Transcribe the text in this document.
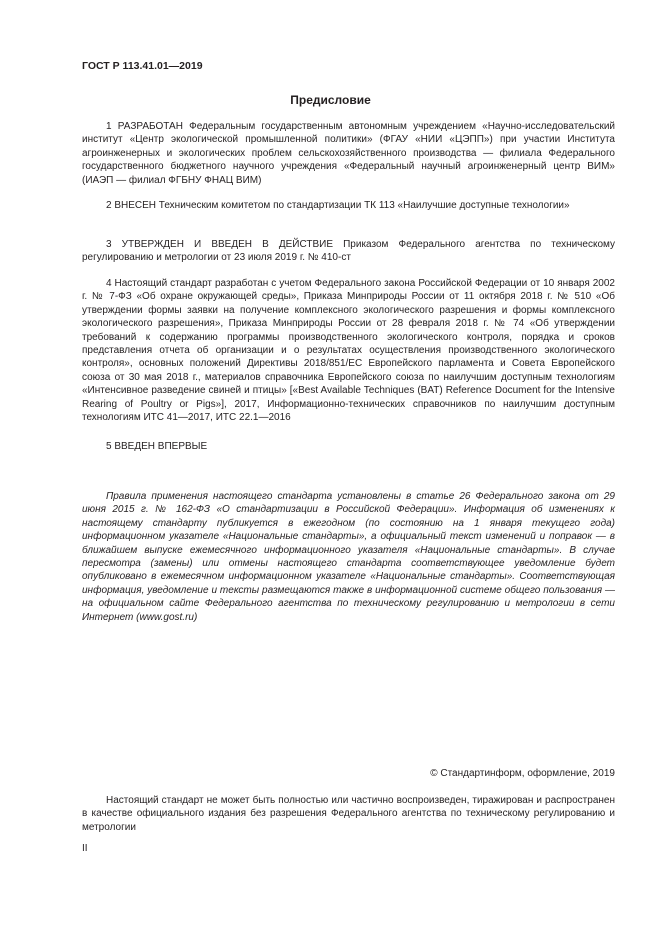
ГОСТ Р 113.41.01—2019
Предисловие
1 РАЗРАБОТАН Федеральным государственным автономным учреждением «Научно-исследовательский институт «Центр экологической промышленной политики» (ФГАУ «НИИ «ЦЭПП») при участии Института агроинженерных и экологических проблем сельскохозяйственного производства — филиала Федерального государственного бюджетного научного учреждения «Федеральный научный агроинженерный центр ВИМ» (ИАЭП — филиал ФГБНУ ФНАЦ ВИМ)
2 ВНЕСЕН Техническим комитетом по стандартизации ТК 113 «Наилучшие доступные технологии»
3 УТВЕРЖДЕН И ВВЕДЕН В ДЕЙСТВИЕ Приказом Федерального агентства по техническому регулированию и метрологии от 23 июля 2019 г. № 410-ст
4 Настоящий стандарт разработан с учетом Федерального закона Российской Федерации от 10 января 2002 г. № 7-ФЗ «Об охране окружающей среды», Приказа Минприроды России от 11 октября 2018 г. № 510 «Об утверждении формы заявки на получение комплексного экологического разрешения и формы комплексного экологического разрешения», Приказа Минприроды России от 28 февраля 2018 г. № 74 «Об утверждении требований к содержанию программы производственного экологического контроля, порядка и сроков представления отчета об организации и о результатах осуществления производственного экологического контроля», основных положений Директивы 2018/851/ЕС Европейского парламента и Совета Европейского союза от 30 мая 2018 г., материалов справочника Европейского союза по наилучшим доступным технологиям «Интенсивное разведение свиней и птицы» [«Best Available Techniques (BAT) Reference Document for the Intensive Rearing of Poultry or Pigs»], 2017, Информационно-технических справочников по наилучшим доступным технологиям ИТС 41—2017, ИТС 22.1—2016
5 ВВЕДЕН ВПЕРВЫЕ
Правила применения настоящего стандарта установлены в статье 26 Федерального закона от 29 июня 2015 г. № 162-ФЗ «О стандартизации в Российской Федерации». Информация об изменениях к настоящему стандарту публикуется в ежегодном (по состоянию на 1 января текущего года) информационном указателе «Национальные стандарты», а официальный текст изменений и поправок — в ближайшем выпуске ежемесячного информационного указателя «Национальные стандарты». В случае пересмотра (замены) или отмены настоящего стандарта соответствующее уведомление будет опубликовано в ежемесячном информационном указателе «Национальные стандарты». Соответствующая информация, уведомление и тексты размещаются также в информационной системе общего пользования — на официальном сайте Федерального агентства по техническому регулированию и метрологии в сети Интернет (www.gost.ru)
© Стандартинформ, оформление, 2019
Настоящий стандарт не может быть полностью или частично воспроизведен, тиражирован и распространен в качестве официального издания без разрешения Федерального агентства по техническому регулированию и метрологии
II
